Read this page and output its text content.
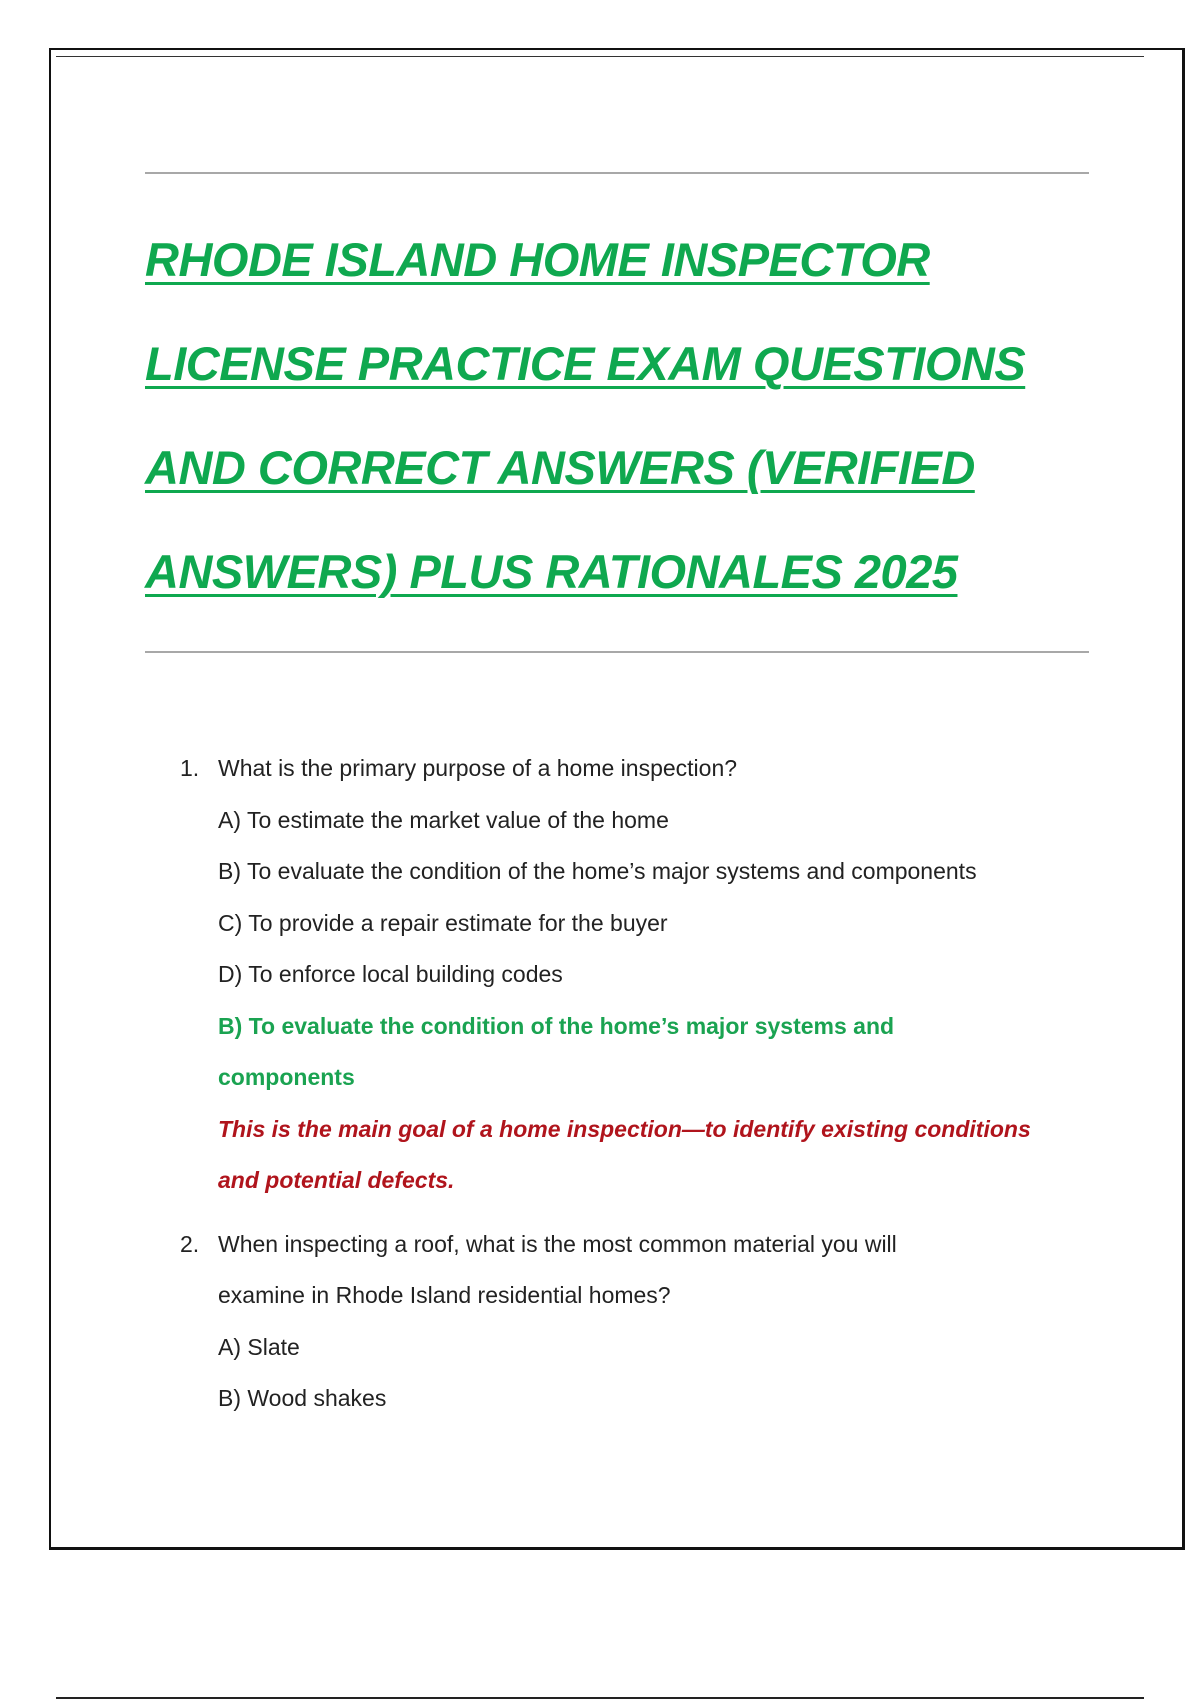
RHODE ISLAND HOME INSPECTOR
LICENSE PRACTICE EXAM QUESTIONS
AND CORRECT ANSWERS (VERIFIED
ANSWERS) PLUS RATIONALES 2025
1. What is the primary purpose of a home inspection?
A) To estimate the market value of the home
B) To evaluate the condition of the home’s major systems and components
C) To provide a repair estimate for the buyer
D) To enforce local building codes
B) To evaluate the condition of the home’s major systems and
components
This is the main goal of a home inspection—to identify existing conditions
and potential defects.
2. When inspecting a roof, what is the most common material you will
examine in Rhode Island residential homes?
A) Slate
B) Wood shakes
